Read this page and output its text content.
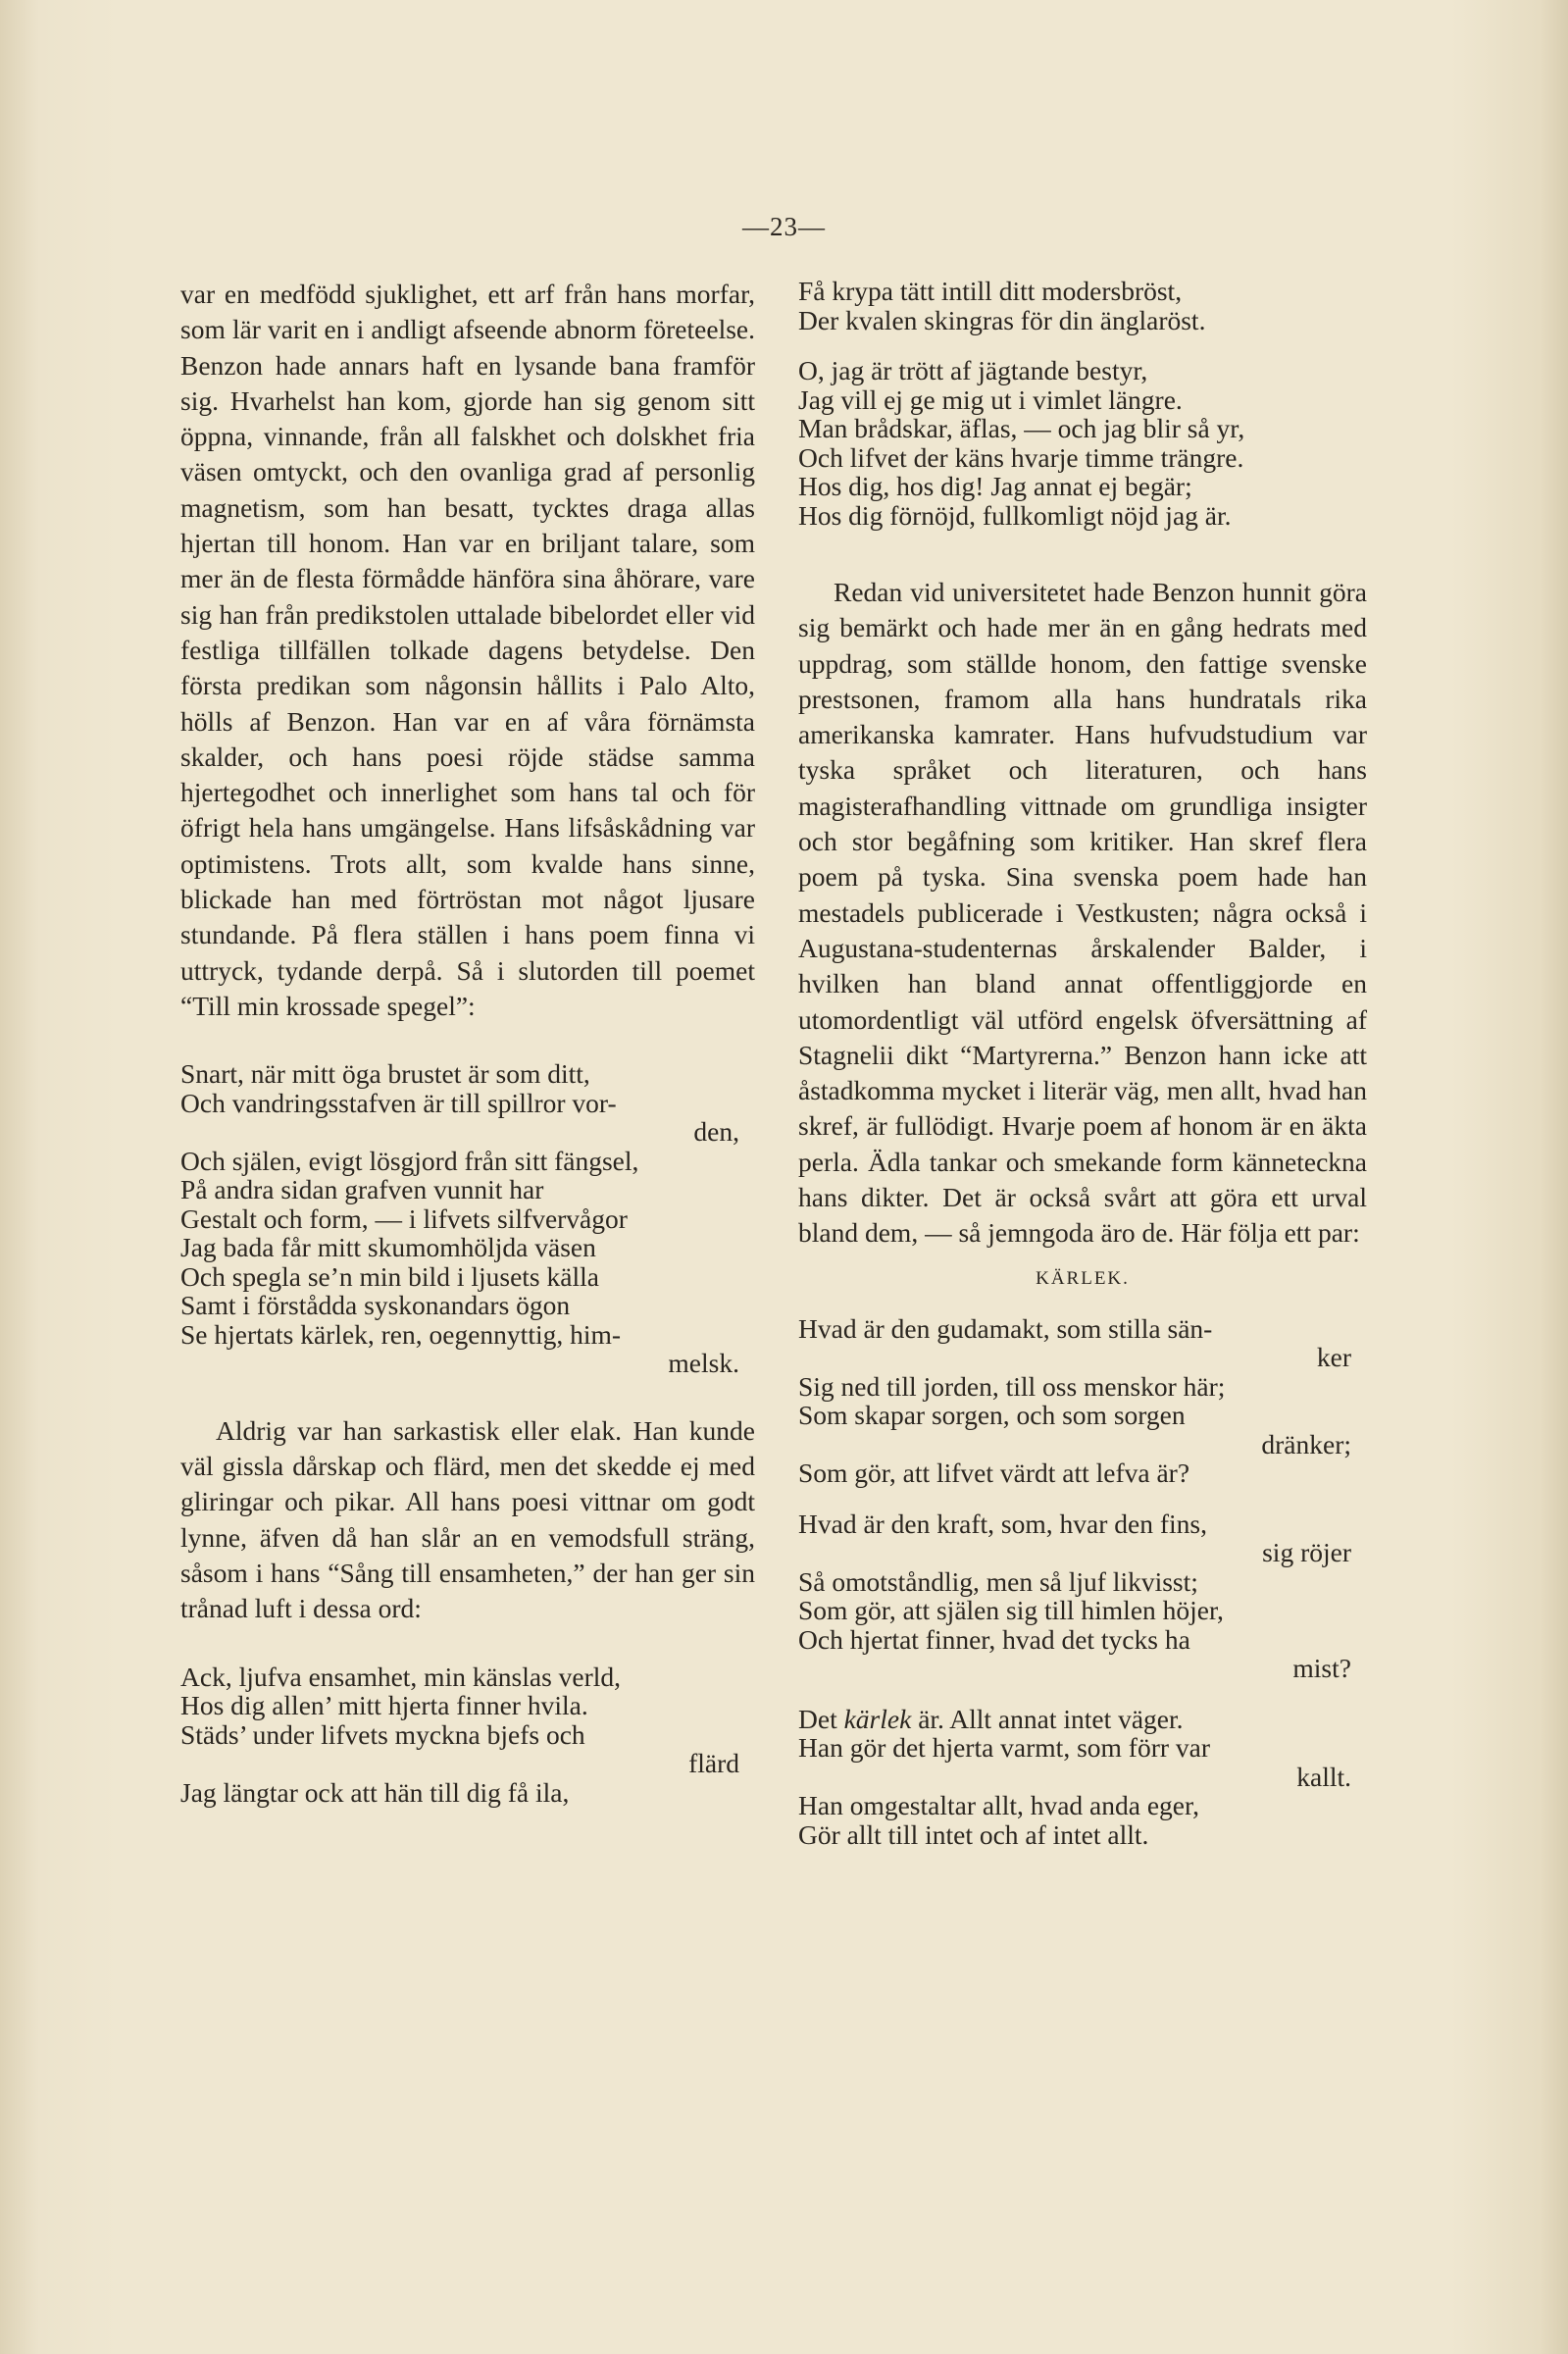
—23—

var en medfödd sjuklighet, ett arf från hans morfar, som lär varit en i andligt afseende abnorm företeelse. Benzon hade annars haft en lysande bana framför sig. Hvarhelst han kom, gjorde han sig genom sitt öppna, vinnande, från all falskhet och dolskhet fria väsen omtyckt, och den ovanliga grad af personlig magnetism, som han besatt, tycktes draga allas hjertan till honom. Han var en briljant talare, som mer än de flesta förmådde hänföra sina åhörare, vare sig han från predikstolen uttalade bibelordet eller vid festliga tillfällen tolkade dagens betydelse. Den första predikan som någonsin hållits i Palo Alto, hölls af Benzon. Han var en af våra förnämsta skalder, och hans poesi röjde städse samma hjertegodhet och innerlighet som hans tal och för öfrigt hela hans umgängelse. Hans lifsåskådning var optimistens. Trots allt, som kvalde hans sinne, blickade han med förtröstan mot något ljusare stundande. På flera ställen i hans poem finna vi uttryck, tydande derpå. Så i slutorden till poemet “Till min krossade spegel”:

Snart, när mitt öga brustet är som ditt,
Och vandringsstafven är till spillror vor-
den,
Och själen, evigt lösgjord från sitt fängsel,
På andra sidan grafven vunnit har
Gestalt och form, — i lifvets silfvervågor
Jag bada får mitt skumomhöljda väsen
Och spegla se’n min bild i ljusets källa
Samt i förstådda syskonandars ögon
Se hjertats kärlek, ren, oegennyttig, him-
melsk.

Aldrig var han sarkastisk eller elak. Han kunde väl gissla dårskap och flärd, men det skedde ej med gliringar och pikar. All hans poesi vittnar om godt lynne, äfven då han slår an en vemodsfull sträng, såsom i hans “Sång till ensamheten,” der han ger sin trånad luft i dessa ord:

Ack, ljufva ensamhet, min känslas verld,
Hos dig allen’ mitt hjerta finner hvila.
Städs’ under lifvets myckna bjefs och
flärd
Jag längtar ock att hän till dig få ila,
Få krypa tätt intill ditt modersbröst,
Der kvalen skingras för din änglaröst.
O, jag är trött af jägtande bestyr,
Jag vill ej ge mig ut i vimlet längre.
Man brådskar, äflas, — och jag blir så yr,
Och lifvet der käns hvarje timme trängre.
Hos dig, hos dig! Jag annat ej begär;
Hos dig förnöjd, fullkomligt nöjd jag är.

Redan vid universitetet hade Benzon hunnit göra sig bemärkt och hade mer än en gång hedrats med uppdrag, som ställde honom, den fattige svenske prestsonen, framom alla hans hundratals rika amerikanska kamrater. Hans hufvudstudium var tyska språket och literaturen, och hans magisterafhandling vittnade om grundliga insigter och stor begåfning som kritiker. Han skref flera poem på tyska. Sina svenska poem hade han mestadels publicerade i Vestkusten; några också i Augustana-studenternas årskalender Balder, i hvilken han bland annat offentliggjorde en utomordentligt väl utförd engelsk öfversättning af Stagnelii dikt “Martyrerna.” Benzon hann icke att åstadkomma mycket i literär väg, men allt, hvad han skref, är fullödigt. Hvarje poem af honom är en äkta perla. Ädla tankar och smekande form känneteckna hans dikter. Det är också svårt att göra ett urval bland dem, — så jemngoda äro de. Här följa ett par:

KÄRLEK.
Hvad är den gudamakt, som stilla sän-
ker
Sig ned till jorden, till oss menskor här;
Som skapar sorgen, och som sorgen
dränker;
Som gör, att lifvet värdt att lefva är?
Hvad är den kraft, som, hvar den fins,
sig röjer
Så omotståndlig, men så ljuf likvisst;
Som gör, att själen sig till himlen höjer,
Och hjertat finner, hvad det tycks ha
mist?
Det kärlek är. Allt annat intet väger.
Han gör det hjerta varmt, som förr var
kallt.
Han omgestaltar allt, hvad anda eger,
Gör allt till intet och af intet allt.
